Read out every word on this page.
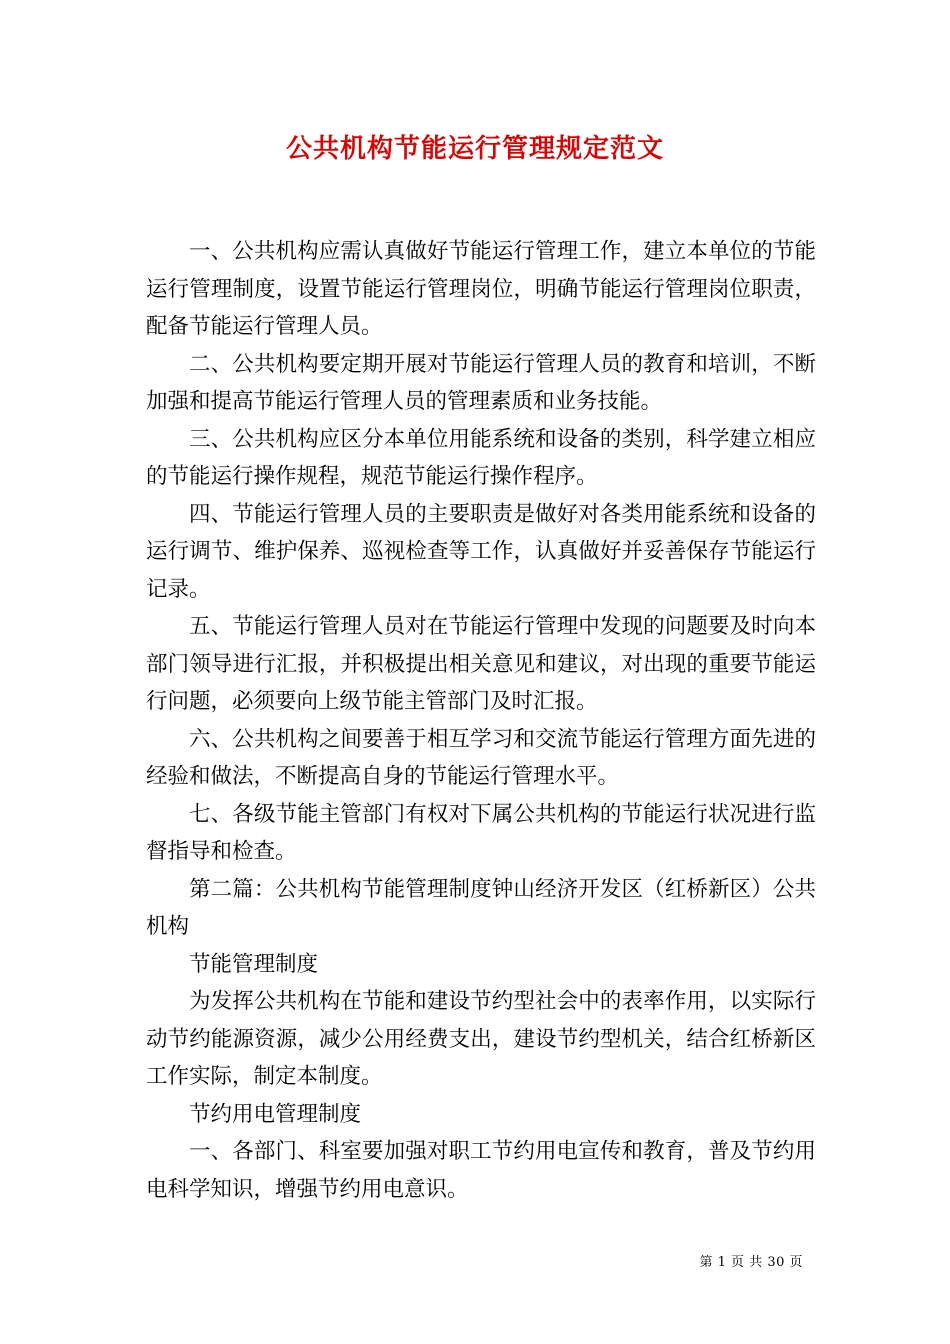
公共机构节能运行管理规定范文

一、公共机构应需认真做好节能运行管理工作，建立本单位的节能运行管理制度，设置节能运行管理岗位，明确节能运行管理岗位职责，配备节能运行管理人员。

二、公共机构要定期开展对节能运行管理人员的教育和培训，不断加强和提高节能运行管理人员的管理素质和业务技能。

三、公共机构应区分本单位用能系统和设备的类别，科学建立相应的节能运行操作规程，规范节能运行操作程序。

四、节能运行管理人员的主要职责是做好对各类用能系统和设备的运行调节、维护保养、巡视检查等工作，认真做好并妥善保存节能运行记录。

五、节能运行管理人员对在节能运行管理中发现的问题要及时向本部门领导进行汇报，并积极提出相关意见和建议，对出现的重要节能运行问题，必须要向上级节能主管部门及时汇报。

六、公共机构之间要善于相互学习和交流节能运行管理方面先进的经验和做法，不断提高自身的节能运行管理水平。

七、各级节能主管部门有权对下属公共机构的节能运行状况进行监督指导和检查。

第二篇：公共机构节能管理制度钟山经济开发区（红桥新区）公共机构

节能管理制度

为发挥公共机构在节能和建设节约型社会中的表率作用，以实际行动节约能源资源，减少公用经费支出，建设节约型机关，结合红桥新区工作实际，制定本制度。

节约用电管理制度

一、各部门、科室要加强对职工节约用电宣传和教育，普及节约用电科学知识，增强节约用电意识。

第 1 页 共 30 页
